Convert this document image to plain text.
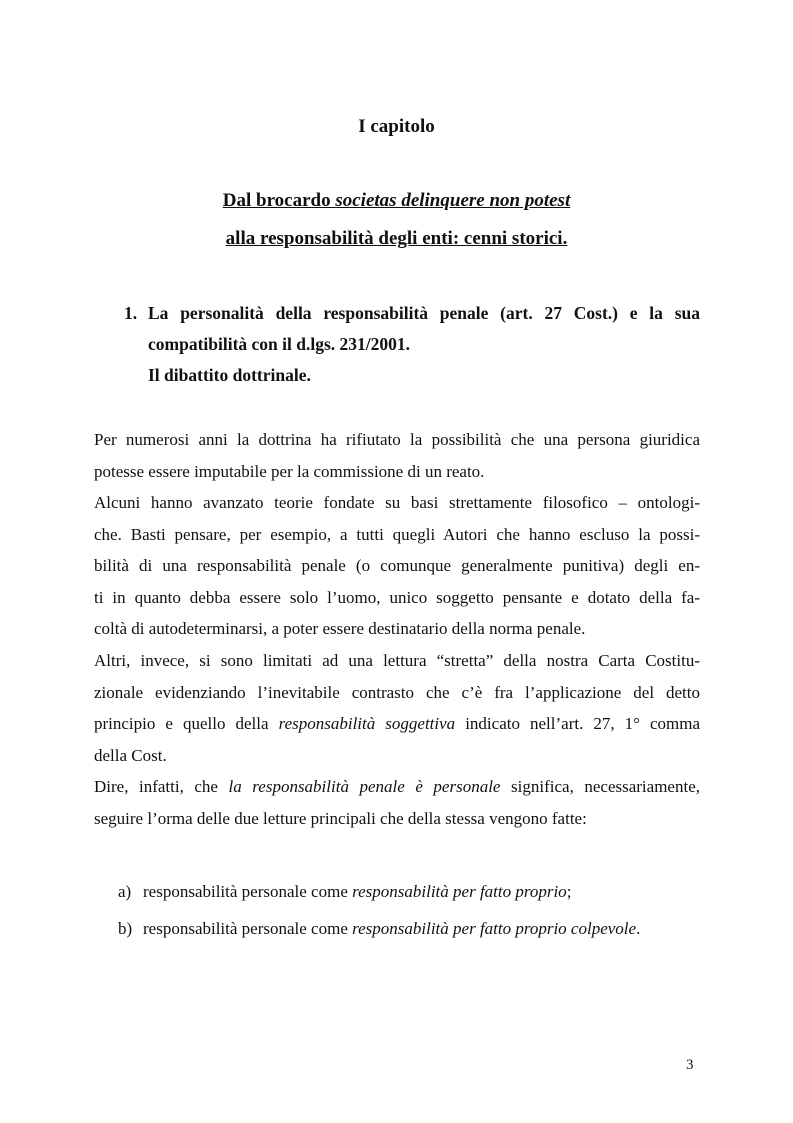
I capitolo
Dal brocardo societas delinquere non potest
alla responsabilità degli enti: cenni storici.
1. La personalità della responsabilità penale (art. 27 Cost.) e la sua
compatibilità con il d.lgs. 231/2001.
Il dibattito dottrinale.
Per numerosi anni la dottrina ha rifiutato la possibilità che una persona giuridica
potesse essere imputabile per la commissione di un reato.
Alcuni hanno avanzato teorie fondate su basi strettamente filosofico – ontologi-
che. Basti pensare, per esempio, a tutti quegli Autori che hanno escluso la possi-
bilità di una responsabilità penale (o comunque generalmente punitiva) degli en-
ti in quanto debba essere solo l’uomo, unico soggetto pensante e dotato della fa-
coltà di autodeterminarsi, a poter essere destinatario della norma penale.
Altri, invece, si sono limitati ad una lettura “stretta” della nostra Carta Costitu-
zionale evidenziando l’inevitabile contrasto che c’è fra l’applicazione del detto
principio e quello della responsabilità soggettiva indicato nell’art. 27, 1° comma
della Cost.
Dire, infatti, che la responsabilità penale è personale significa, necessariamente,
seguire l’orma delle due letture principali che della stessa vengono fatte:
a) responsabilità personale come responsabilità per fatto proprio;
b) responsabilità personale come responsabilità per fatto proprio colpevole.
3
